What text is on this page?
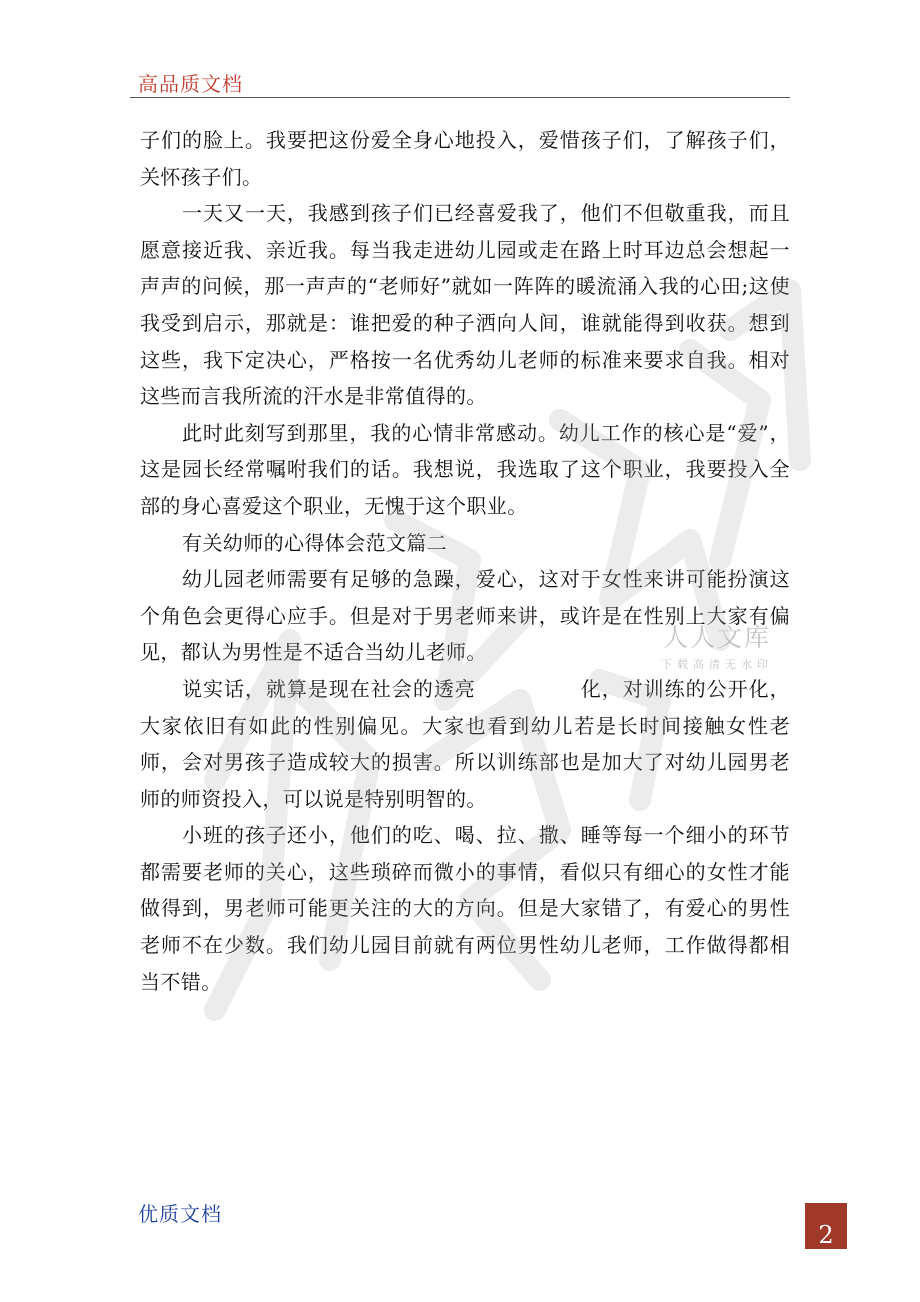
高品质文档

子们的脸上。我要把这份爱全身心地投入，爱惜孩子们，了解孩子们，关怀孩子们。

一天又一天，我感到孩子们已经喜爱我了，他们不但敬重我，而且愿意接近我、亲近我。每当我走进幼儿园或走在路上时耳边总会想起一声声的问候，那一声声的“老师好”就如一阵阵的暖流涌入我的心田;这使我受到启示，那就是：谁把爱的种子洒向人间，谁就能得到收获。想到这些，我下定决心，严格按一名优秀幼儿老师的标准来要求自我。相对这些而言我所流的汗水是非常值得的。

此时此刻写到那里，我的心情非常感动。幼儿工作的核心是“爱”，这是园长经常嘱咐我们的话。我想说，我选取了这个职业，我要投入全部的身心喜爱这个职业，无愧于这个职业。

有关幼师的心得体会范文篇二

幼儿园老师需要有足够的急躁，爱心，这对于女性来讲可能扮演这个角色会更得心应手。但是对于男老师来讲，或许是在性别上大家有偏见，都认为男性是不适合当幼儿老师。

说实话，就算是现在社会的透亮　　　　　化，对训练的公开化，大家依旧有如此的性别偏见。大家也看到幼儿若是长时间接触女性老师，会对男孩子造成较大的损害。所以训练部也是加大了对幼儿园男老师的师资投入，可以说是特别明智的。

小班的孩子还小，他们的吃、喝、拉、撒、睡等每一个细小的环节都需要老师的关心，这些琐碎而微小的事情，看似只有细心的女性才能做得到，男老师可能更关注的大的方向。但是大家错了，有爱心的男性老师不在少数。我们幼儿园目前就有两位男性幼儿老师，工作做得都相当不错。

人人文库
下载高清无水印
优质文档
2
